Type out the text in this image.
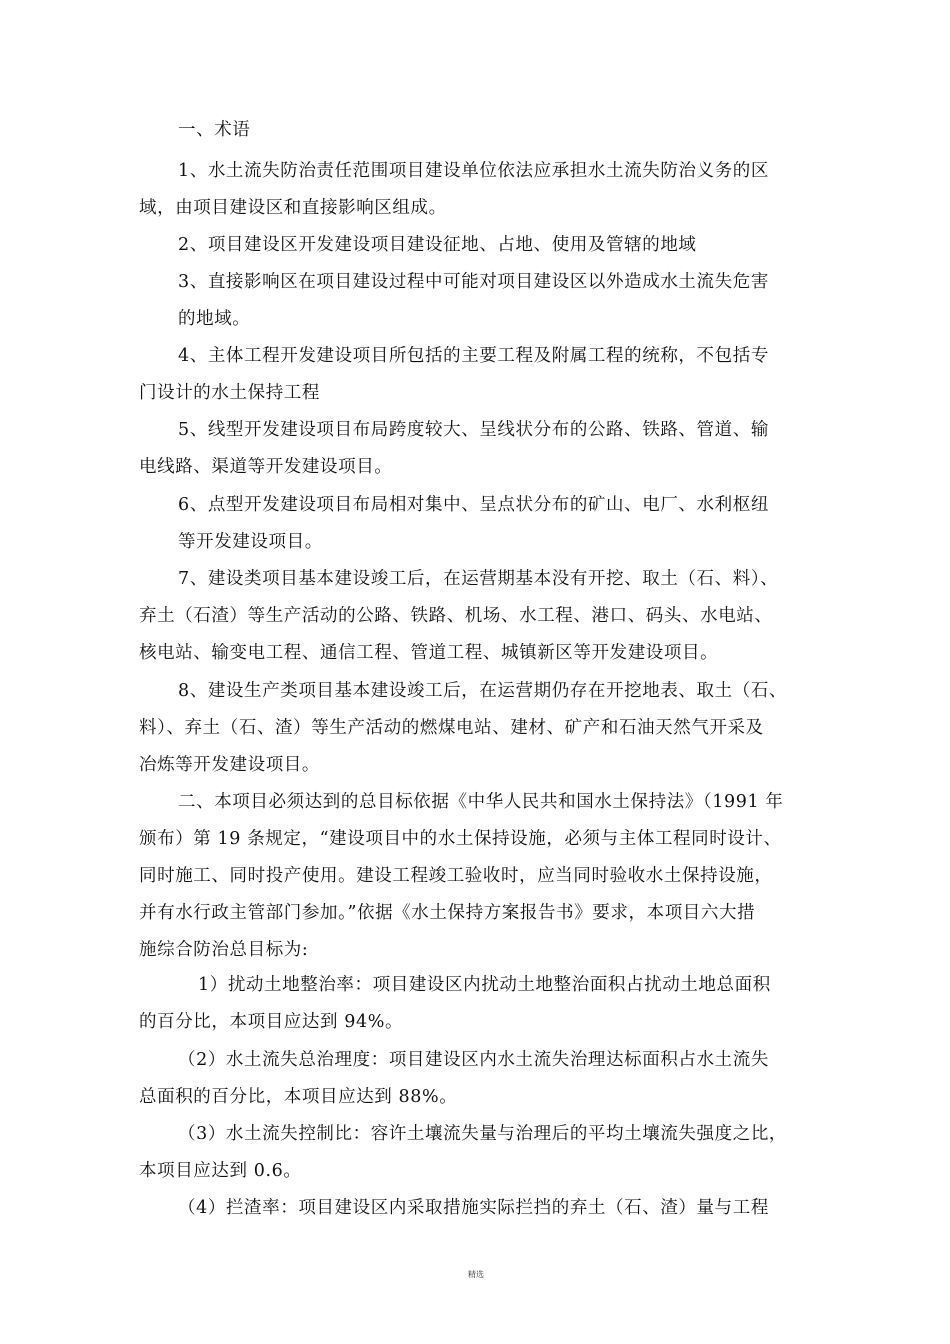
一、术语
1、水土流失防治责任范围项目建设单位依法应承担水土流失防治义务的区
域，由项目建设区和直接影响区组成。
2、项目建设区开发建设项目建设征地、占地、使用及管辖的地域
3、直接影响区在项目建设过程中可能对项目建设区以外造成水土流失危害
的地域。
4、主体工程开发建设项目所包括的主要工程及附属工程的统称，不包括专
门设计的水土保持工程
5、线型开发建设项目布局跨度较大、呈线状分布的公路、铁路、管道、输
电线路、渠道等开发建设项目。
6、点型开发建设项目布局相对集中、呈点状分布的矿山、电厂、水利枢纽
等开发建设项目。
7、建设类项目基本建设竣工后，在运营期基本没有开挖、取土（石、料）、
弃土（石渣）等生产活动的公路、铁路、机场、水工程、港口、码头、水电站、
核电站、输变电工程、通信工程、管道工程、城镇新区等开发建设项目。
8、建设生产类项目基本建设竣工后，在运营期仍存在开挖地表、取土（石、
料）、弃土（石、渣）等生产活动的燃煤电站、建材、矿产和石油天然气开采及
冶炼等开发建设项目。
二、本项目必须达到的总目标依据《中华人民共和国水土保持法》（1991 年
颁布）第 19 条规定，“建设项目中的水土保持设施，必须与主体工程同时设计、
同时施工、同时投产使用。建设工程竣工验收时，应当同时验收水土保持设施，
并有水行政主管部门参加。”依据《水土保持方案报告书》要求，本项目六大措
施综合防治总目标为:
1）扰动土地整治率：项目建设区内扰动土地整治面积占扰动土地总面积
的百分比，本项目应达到 94%。
（2）水土流失总治理度：项目建设区内水土流失治理达标面积占水土流失
总面积的百分比，本项目应达到 88%。
（3）水土流失控制比：容许土壤流失量与治理后的平均土壤流失强度之比，
本项目应达到 0.6。
（4）拦渣率：项目建设区内采取措施实际拦挡的弃土（石、渣）量与工程
精选
